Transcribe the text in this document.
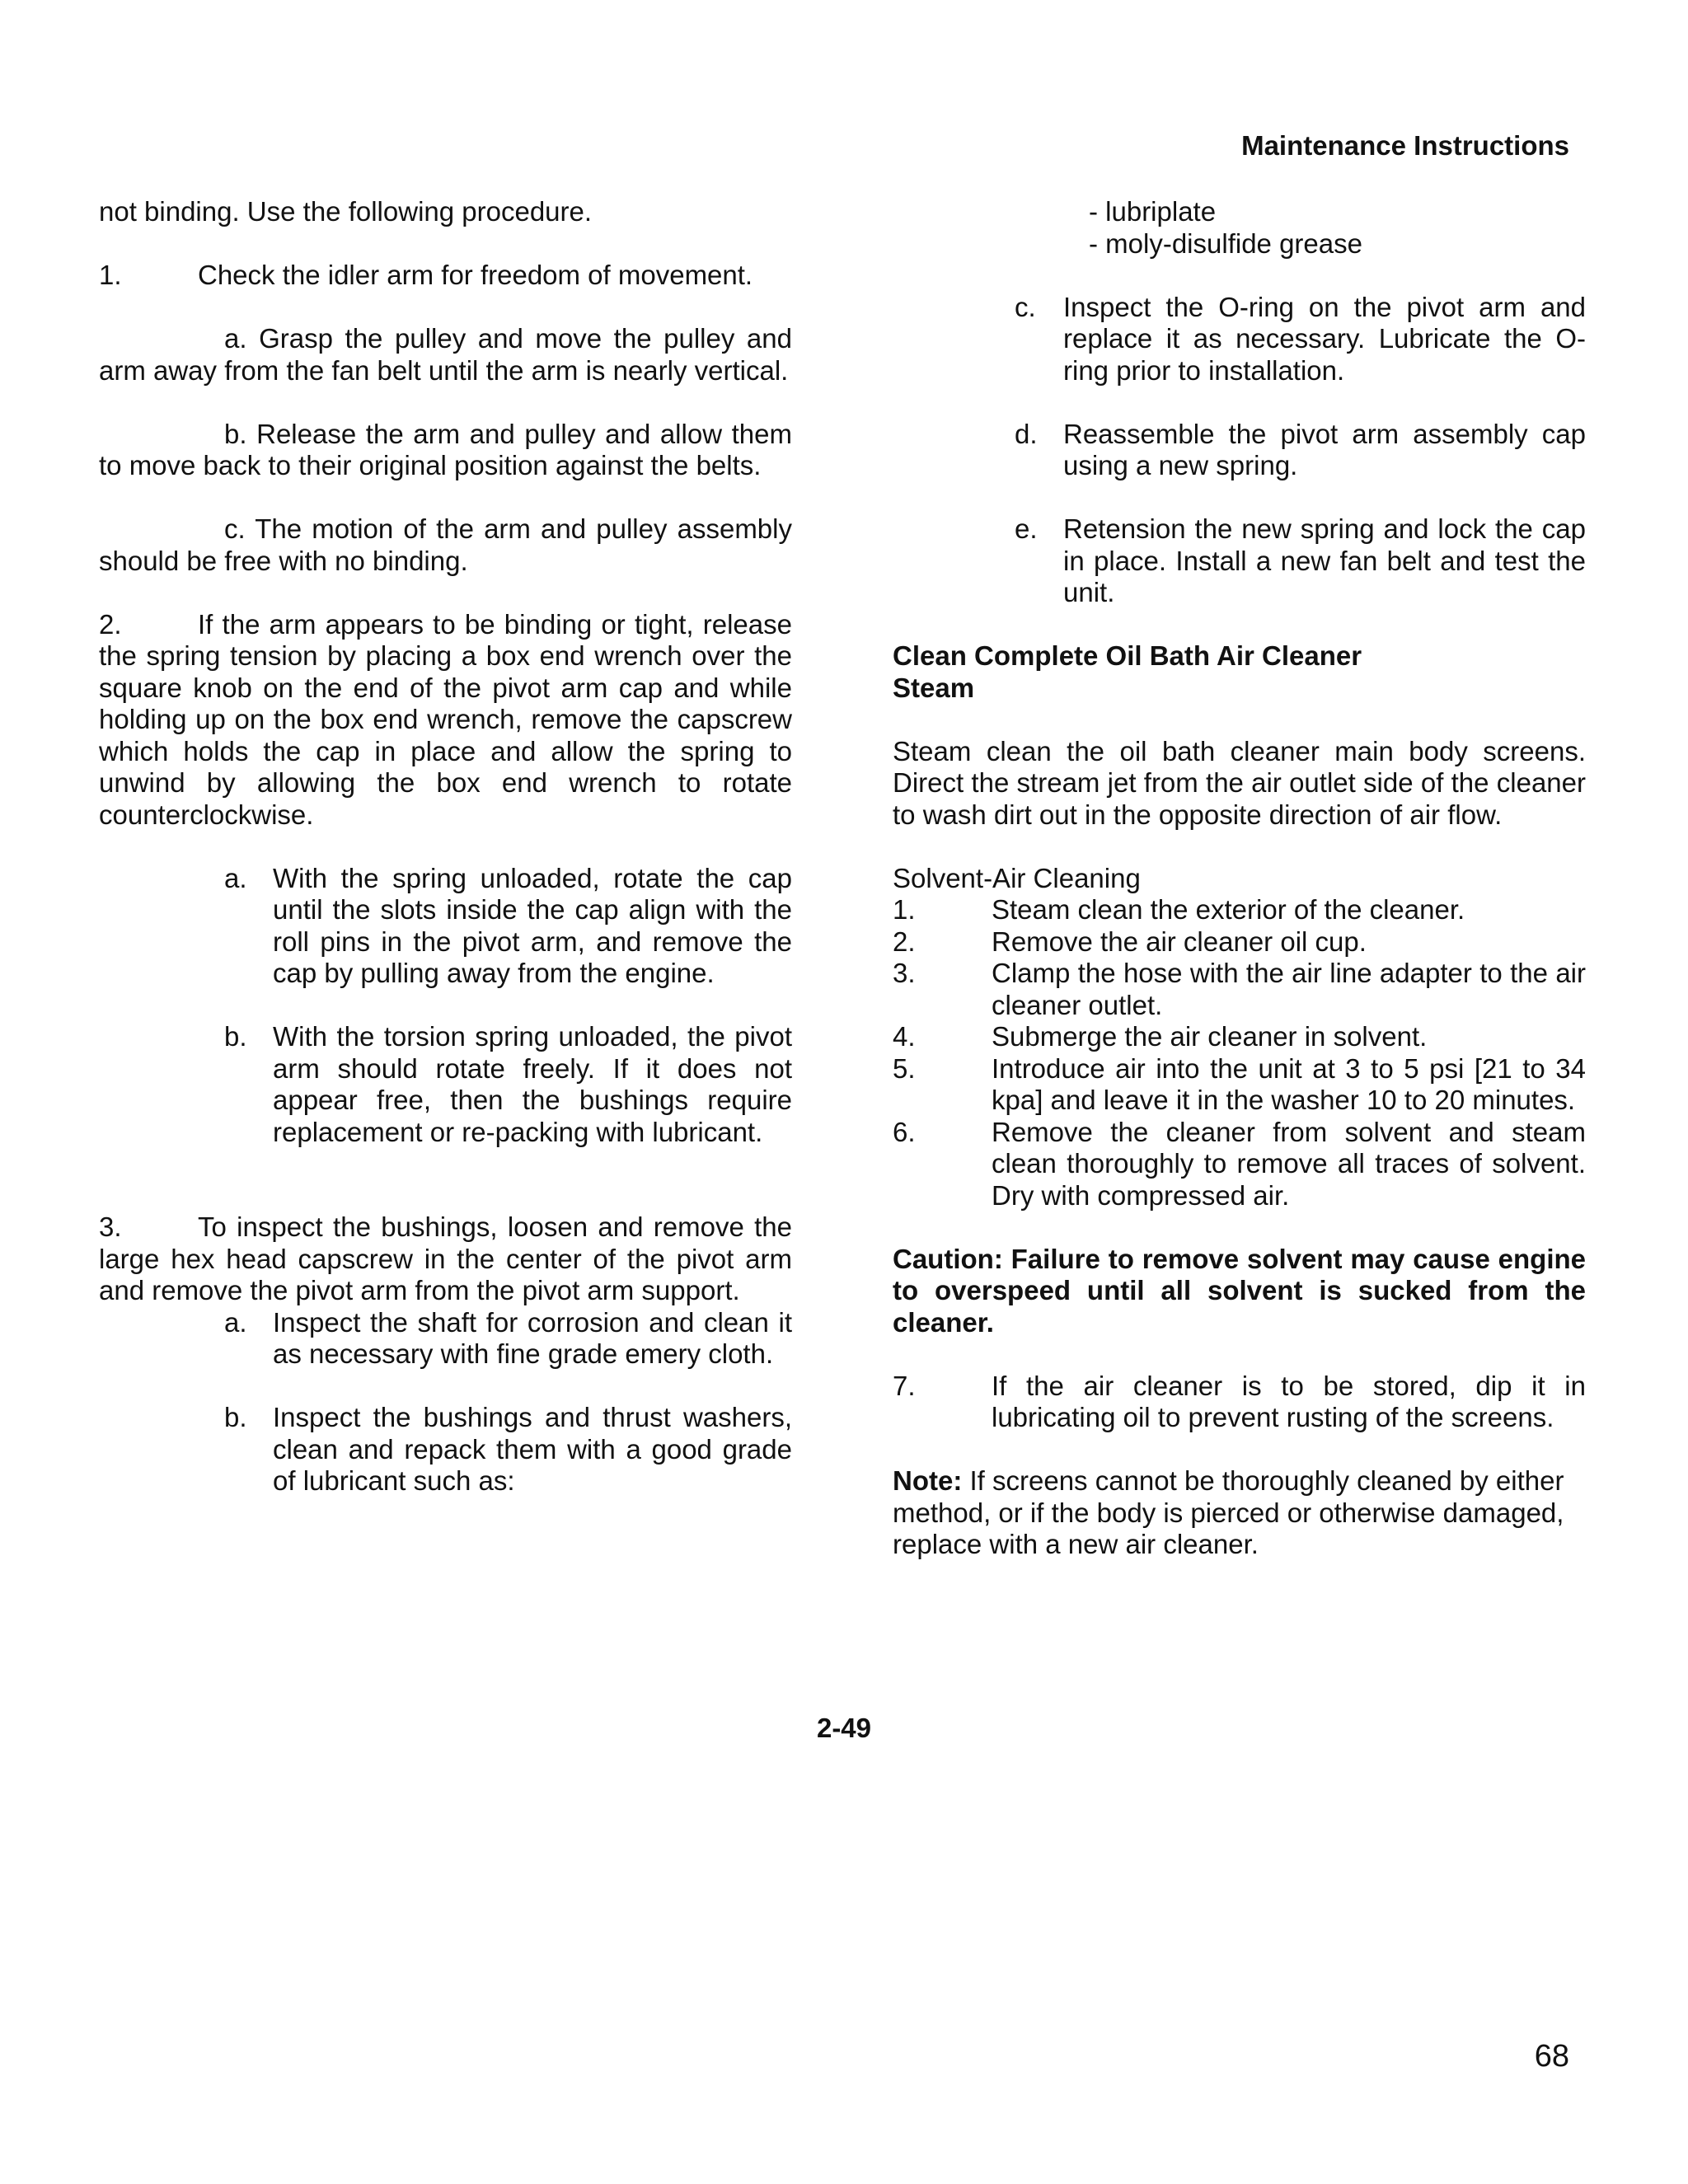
Maintenance Instructions

not binding. Use the following procedure.

1.	Check the idler arm for freedom of movement.

a. Grasp the pulley and move the pulley and arm away from the fan belt until the arm is nearly vertical.

b. Release the arm and pulley and allow them to move back to their original position against the belts.

c. The motion of the arm and pulley assembly should be free with no binding.

2.	If the arm appears to be binding or tight, release the spring tension by placing a box end wrench over the square knob on the end of the pivot arm cap and while holding up on the box end wrench, remove the capscrew which holds the cap in place and allow the spring to unwind by allowing the box end wrench to rotate counterclockwise.

a. With the spring unloaded, rotate the cap until the slots inside the cap align with the roll pins in the pivot arm, and remove the cap by pulling away from the engine.
b. With the torsion spring unloaded, the pivot arm should rotate freely. If it does not appear free, then the bushings require replacement or re-packing with lubricant.

3.	To inspect the bushings, loosen and remove the large hex head capscrew in the center of the pivot arm and remove the pivot arm from the pivot arm support.

a. Inspect the shaft for corrosion and clean it as necessary with fine grade emery cloth.
b. Inspect the bushings and thrust washers, clean and repack them with a good grade of lubricant such as:

- lubriplate

- moly-disulfide grease

c.	Inspect the O-ring on the pivot arm and replace it as necessary. Lubricate the O-ring prior to installation.
d. Reassemble the pivot arm assembly cap using a new spring.
e. Retension the new spring and lock the cap in place. Install a new fan belt and test the unit.

Clean Complete Oil Bath Air Cleaner
Steam

Steam clean the oil bath cleaner main body screens. Direct the stream jet from the air outlet side of the cleaner to wash dirt out in the opposite direction of air flow.

Solvent-Air Cleaning

1.	Steam clean the exterior of the cleaner.
2.	Remove the air cleaner oil cup.
3.	Clamp the hose with the air line adapter to the air cleaner outlet.
4.	Submerge the air cleaner in solvent.
5.	Introduce air into the unit at 3 to 5 psi [21 to 34 kpa] and leave it in the washer 10 to 20 minutes.
6.	Remove the cleaner from solvent and steam clean thoroughly to remove all traces of solvent. Dry with compressed air.

Caution: Failure to remove solvent may cause engine to overspeed until all solvent is sucked from the cleaner.

7.	If the air cleaner is to be stored, dip it in lubricating oil to prevent rusting of the screens.

Note: If screens cannot be thoroughly cleaned by either method, or if the body is pierced or otherwise damaged, replace with a new air cleaner.

2-49
68
